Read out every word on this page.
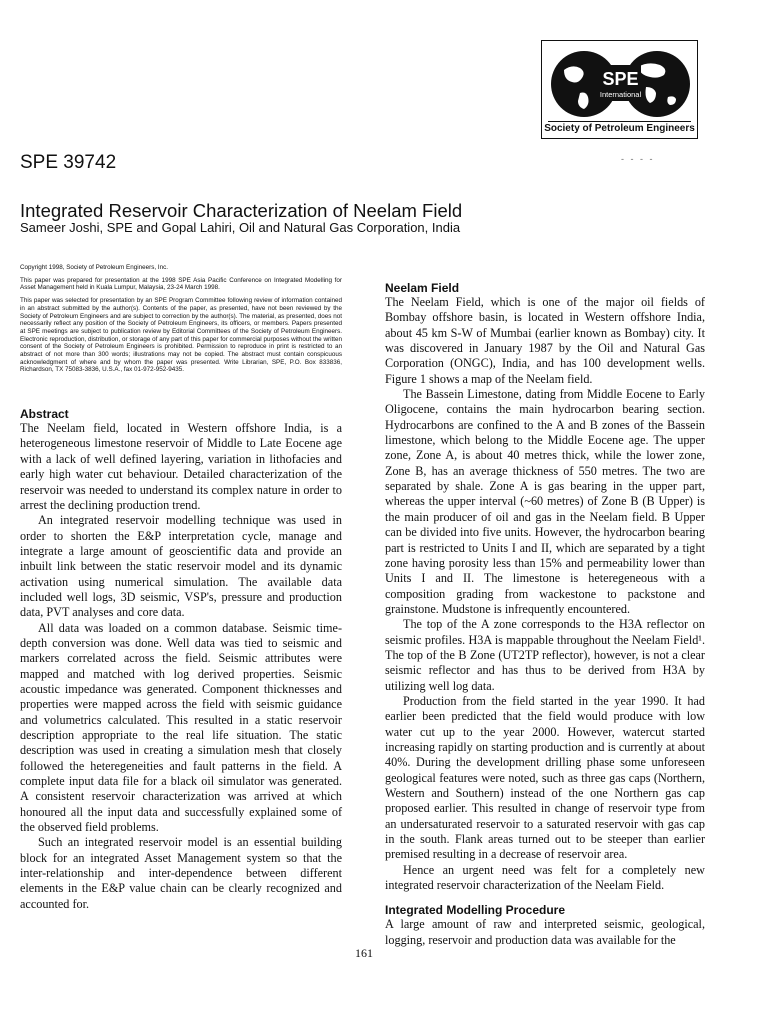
SPE
International
Society of Petroleum Engineers
- - - -
SPE 39742
Integrated Reservoir Characterization of Neelam Field
Sameer Joshi, SPE and Gopal Lahiri, Oil and Natural Gas Corporation, India

Copyright 1998, Society of Petroleum Engineers, Inc.

This paper was prepared for presentation at the 1998 SPE Asia Pacific Conference on Integrated Modelling for Asset Management held in Kuala Lumpur, Malaysia, 23-24 March 1998.

This paper was selected for presentation by an SPE Program Committee following review of information contained in an abstract submitted by the author(s). Contents of the paper, as presented, have not been reviewed by the Society of Petroleum Engineers and are subject to correction by the author(s). The material, as presented, does not necessarily reflect any position of the Society of Petroleum Engineers, its officers, or members. Papers presented at SPE meetings are subject to publication review by Editorial Committees of the Society of Petroleum Engineers. Electronic reproduction, distribution, or storage of any part of this paper for commercial purposes without the written consent of the Society of Petroleum Engineers is prohibited. Permission to reproduce in print is restricted to an abstract of not more than 300 words; illustrations may not be copied. The abstract must contain conspicuous acknowledgment of where and by whom the paper was presented. Write Librarian, SPE, P.O. Box 833836, Richardson, TX 75083-3836, U.S.A., fax 01-972-952-9435.

Abstract

The Neelam field, located in Western offshore India, is a heterogeneous limestone reservoir of Middle to Late Eocene age with a lack of well defined layering, variation in lithofacies and early high water cut behaviour. Detailed characterization of the reservoir was needed to understand its complex nature in order to arrest the declining production trend.

An integrated reservoir modelling technique was used in order to shorten the E&P interpretation cycle, manage and integrate a large amount of geoscientific data and provide an inbuilt link between the static reservoir model and its dynamic activation using numerical simulation. The available data included well logs, 3D seismic, VSP's, pressure and production data, PVT analyses and core data.

All data was loaded on a common database. Seismic time-depth conversion was done. Well data was tied to seismic and markers correlated across the field. Seismic attributes were mapped and matched with log derived properties. Seismic acoustic impedance was generated. Component thicknesses and properties were mapped across the field with seismic guidance and volumetrics calculated. This resulted in a static reservoir description appropriate to the real life situation. The static description was used in creating a simulation mesh that closely followed the heteregeneities and fault patterns in the field. A complete input data file for a black oil simulator was generated. A consistent reservoir characterization was arrived at which honoured all the input data and successfully explained some of the observed field problems.

Such an integrated reservoir model is an essential building block for an integrated Asset Management system so that the inter-relationship and inter-dependence between different elements in the E&P value chain can be clearly recognized and accounted for.

Neelam Field

The Neelam Field, which is one of the major oil fields of Bombay offshore basin, is located in Western offshore India, about 45 km S-W of Mumbai (earlier known as Bombay) city. It was discovered in January 1987 by the Oil and Natural Gas Corporation (ONGC), India, and has 100 development wells. Figure 1 shows a map of the Neelam field.

The Bassein Limestone, dating from Middle Eocene to Early Oligocene, contains the main hydrocarbon bearing section. Hydrocarbons are confined to the A and B zones of the Bassein limestone, which belong to the Middle Eocene age. The upper zone, Zone A, is about 40 metres thick, while the lower zone, Zone B, has an average thickness of 550 metres. The two are separated by shale. Zone A is gas bearing in the upper part, whereas the upper interval (~60 metres) of Zone B (B Upper) is the main producer of oil and gas in the Neelam field. B Upper can be divided into five units. However, the hydrocarbon bearing part is restricted to Units I and II, which are separated by a tight zone having porosity less than 15% and permeability lower than Units I and II. The limestone is heteregeneous with a composition grading from wackestone to packstone and grainstone. Mudstone is infrequently encountered.

The top of the A zone corresponds to the H3A reflector on seismic profiles. H3A is mappable throughout the Neelam Field¹. The top of the B Zone (UT2TP reflector), however, is not a clear seismic reflector and has thus to be derived from H3A by utilizing well log data.

Production from the field started in the year 1990. It had earlier been predicted that the field would produce with low water cut up to the year 2000. However, watercut started increasing rapidly on starting production and is currently at about 40%. During the development drilling phase some unforeseen geological features were noted, such as three gas caps (Northern, Western and Southern) instead of the one Northern gas cap proposed earlier. This resulted in change of reservoir type from an undersaturated reservoir to a saturated reservoir with gas cap in the south. Flank areas turned out to be steeper than earlier premised resulting in a decrease of reservoir area.

Hence an urgent need was felt for a completely new integrated reservoir characterization of the Neelam Field.

Integrated Modelling Procedure

A large amount of raw and interpreted seismic, geological, logging, reservoir and production data was available for the

161
